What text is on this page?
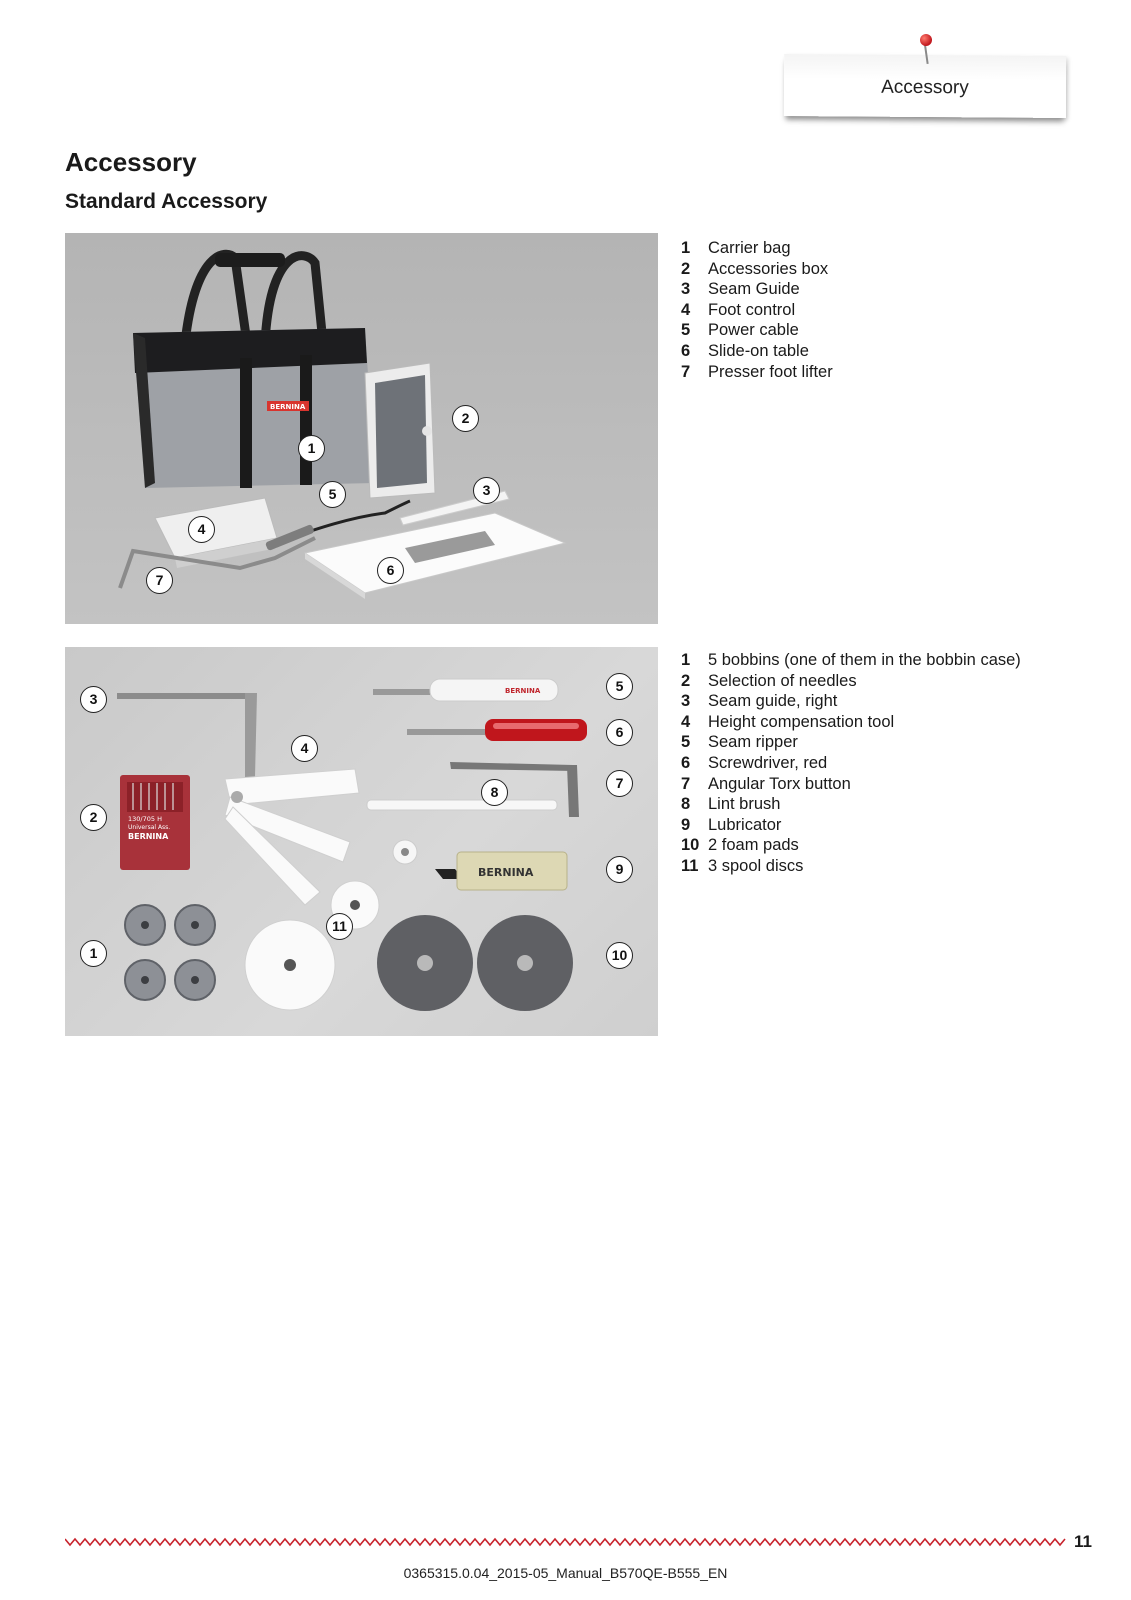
Accessory
Accessory
Standard Accessory
BERNINA
1
2
3
4
5
6
7
1 Carrier bag
2 Accessories box
3 Seam Guide
4 Foot control
5 Power cable
6 Slide-on table
7 Presser foot lifter
130/705 H
Universal Ass.
BERNINA
BERNINA
BERNINA
1
2
3
4
5
6
7
8
9
10
11
1 5 bobbins (one of them in the bobbin case)
2 Selection of needles
3 Seam guide, right
4 Height compensation tool
5 Seam ripper
6 Screwdriver, red
7 Angular Torx button
8 Lint brush
9 Lubricator
10 2 foam pads
11 3 spool discs
11
0365315.0.04_2015-05_Manual_B570QE-B555_EN
